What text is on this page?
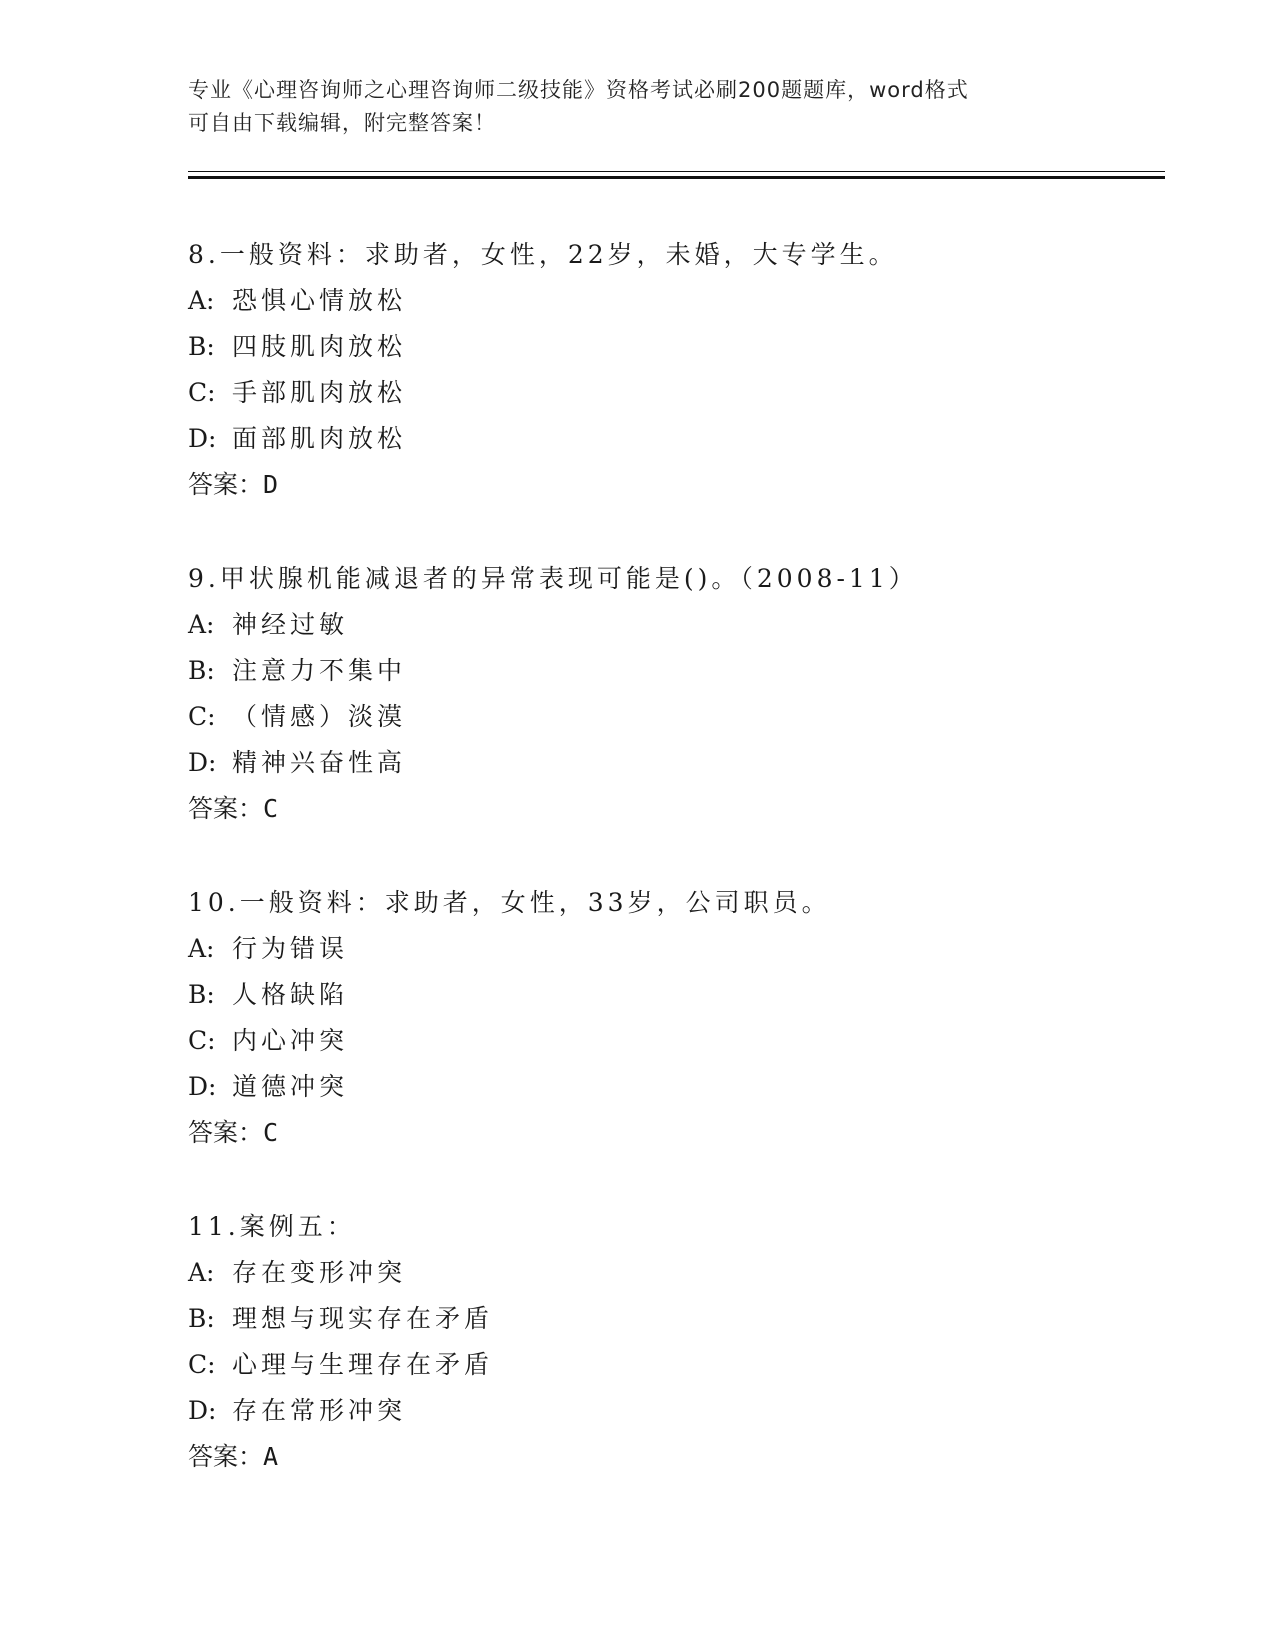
专业《心理咨询师之心理咨询师二级技能》资格考试必刷200题题库，word格式
可自由下载编辑，附完整答案！
8.一般资料：求助者，女性，22岁，未婚，大专学生。
A: 恐惧心情放松
B: 四肢肌肉放松
C: 手部肌肉放松
D: 面部肌肉放松
答案：D
9.甲状腺机能减退者的异常表现可能是()。（2008-11）
A: 神经过敏
B: 注意力不集中
C: （情感）淡漠
D: 精神兴奋性高
答案：C
10.一般资料：求助者，女性，33岁，公司职员。
A: 行为错误
B: 人格缺陷
C: 内心冲突
D: 道德冲突
答案：C
11.案例五：
A: 存在变形冲突
B: 理想与现实存在矛盾
C: 心理与生理存在矛盾
D: 存在常形冲突
答案：A
